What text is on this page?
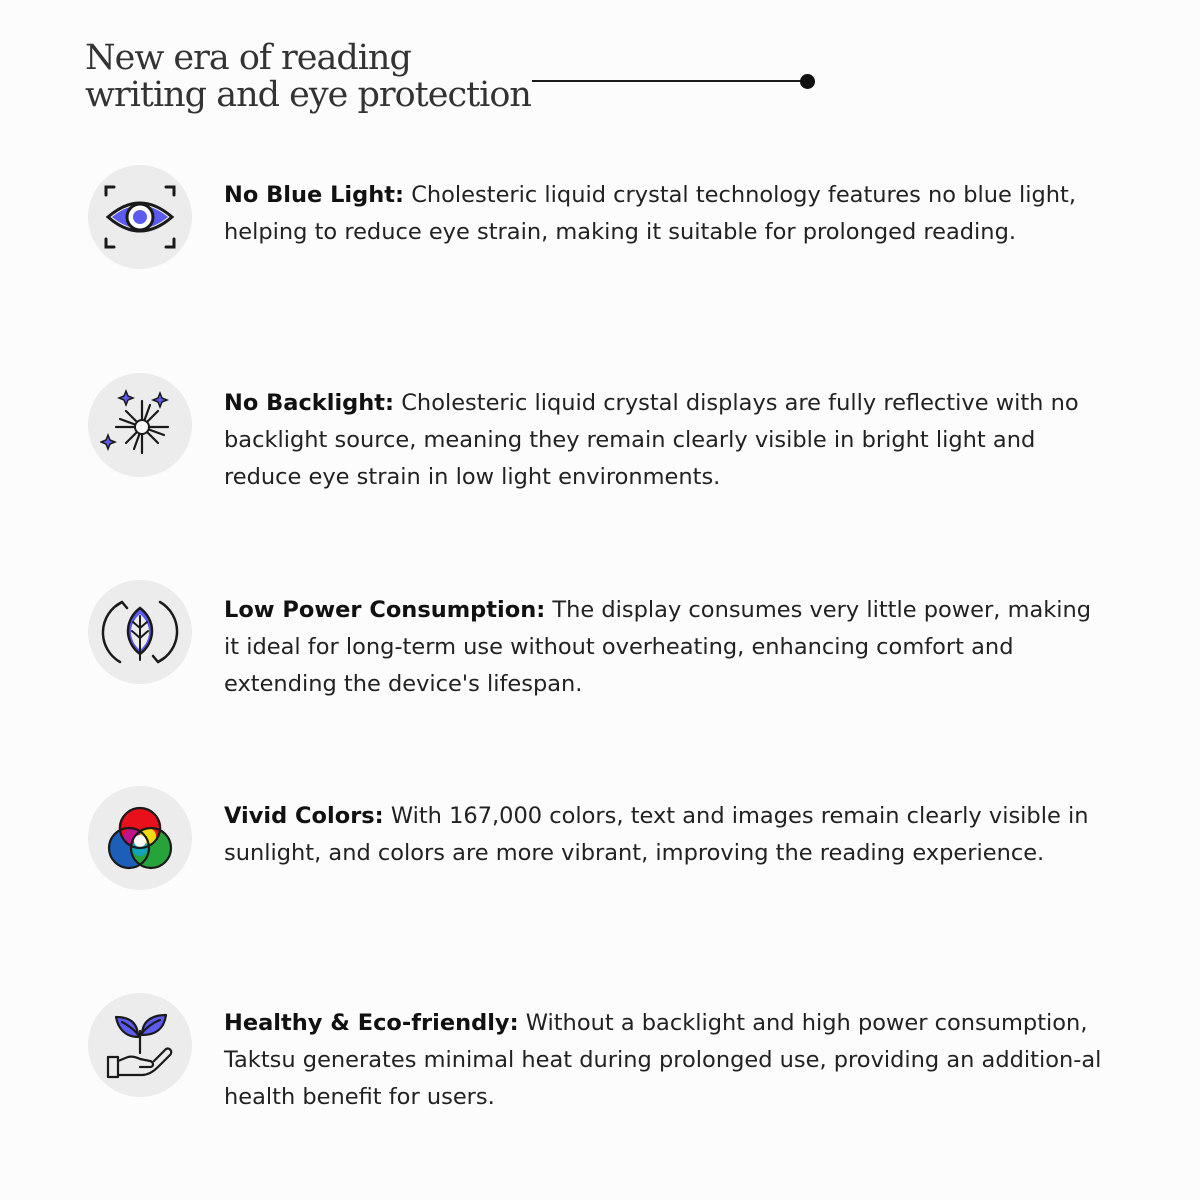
New era of reading
writing and eye protection

No Blue Light: Cholesteric liquid crystal technology features no blue light, helping to reduce eye strain, making it suitable for prolonged reading.

No Backlight: Cholesteric liquid crystal displays are fully reflective with no backlight source, meaning they remain clearly visible in bright light and reduce eye strain in low light environments.

Low Power Consumption: The display consumes very little power, making it ideal for long-term use without overheating, enhancing comfort and extending the device's lifespan.

Vivid Colors: With 167,000 colors, text and images remain clearly visible in sunlight, and colors are more vibrant, improving the reading experience.

Healthy & Eco-friendly: Without a backlight and high power consumption, Taktsu generates minimal heat during prolonged use, providing an addition-al health benefit for users.
